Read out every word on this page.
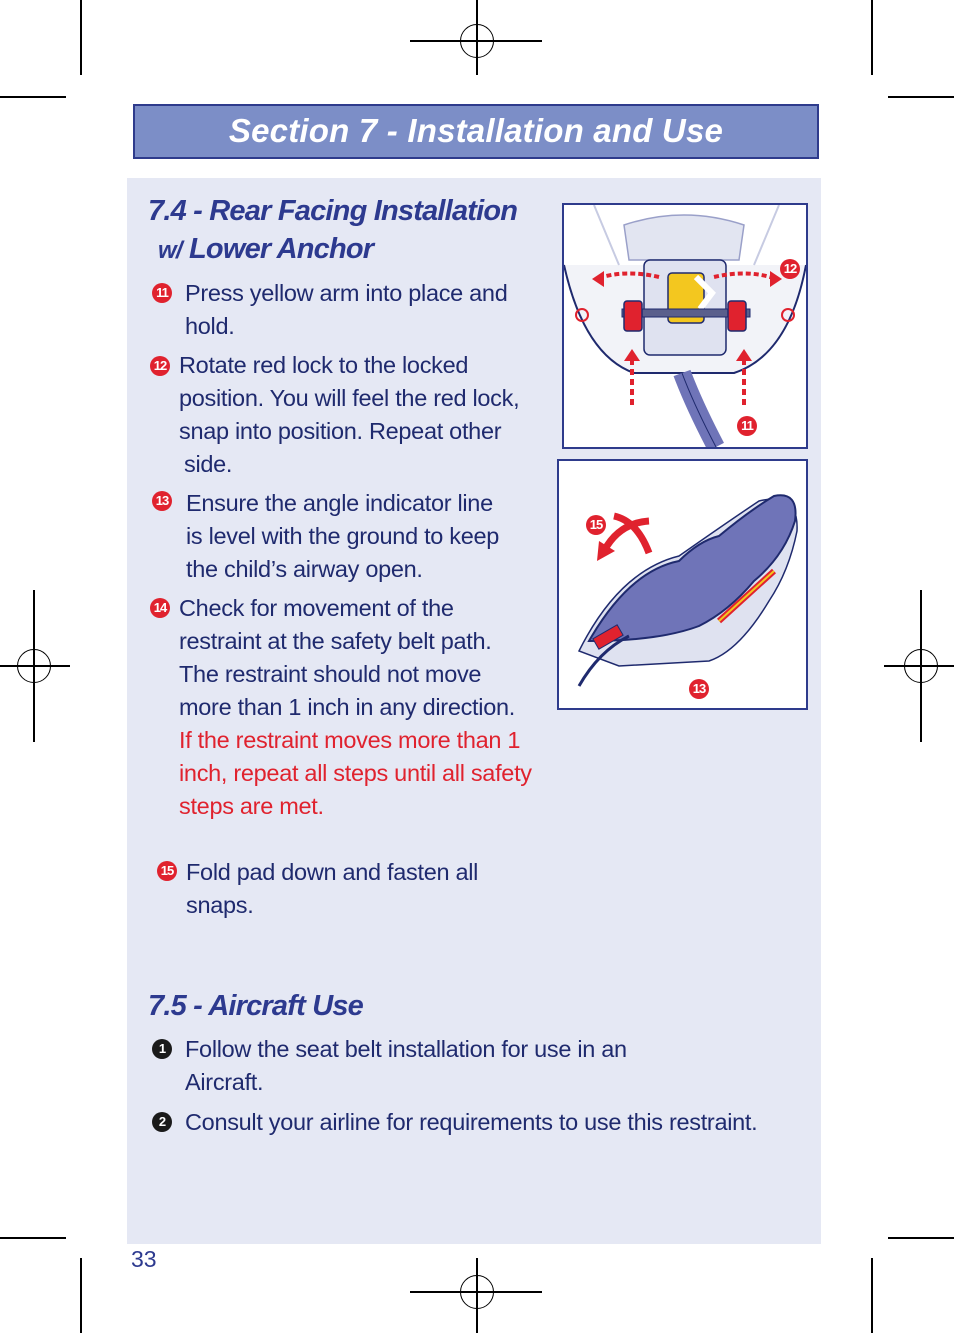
Section 7 - Installation and Use
7.4 - Rear Facing Installation
w/ Lower Anchor
11 Press yellow arm into place and
hold.
12 Rotate red lock to the locked
position. You will feel the red lock,
snap into position. Repeat other
side.
13 Ensure the angle indicator line
is level with the ground to keep
the child’s airway open.
14 Check for movement of the
restraint at the safety belt path.
The restraint should not move
more than 1 inch in any direction.
If the restraint moves more than 1
inch, repeat all steps until all safety
steps are met.
15 Fold pad down and fasten all
snaps.
7.5 - Aircraft Use
1 Follow the seat belt installation for use in an
Aircraft.
2 Consult your airline for requirements to use this restraint.
12
11
15
13
33
